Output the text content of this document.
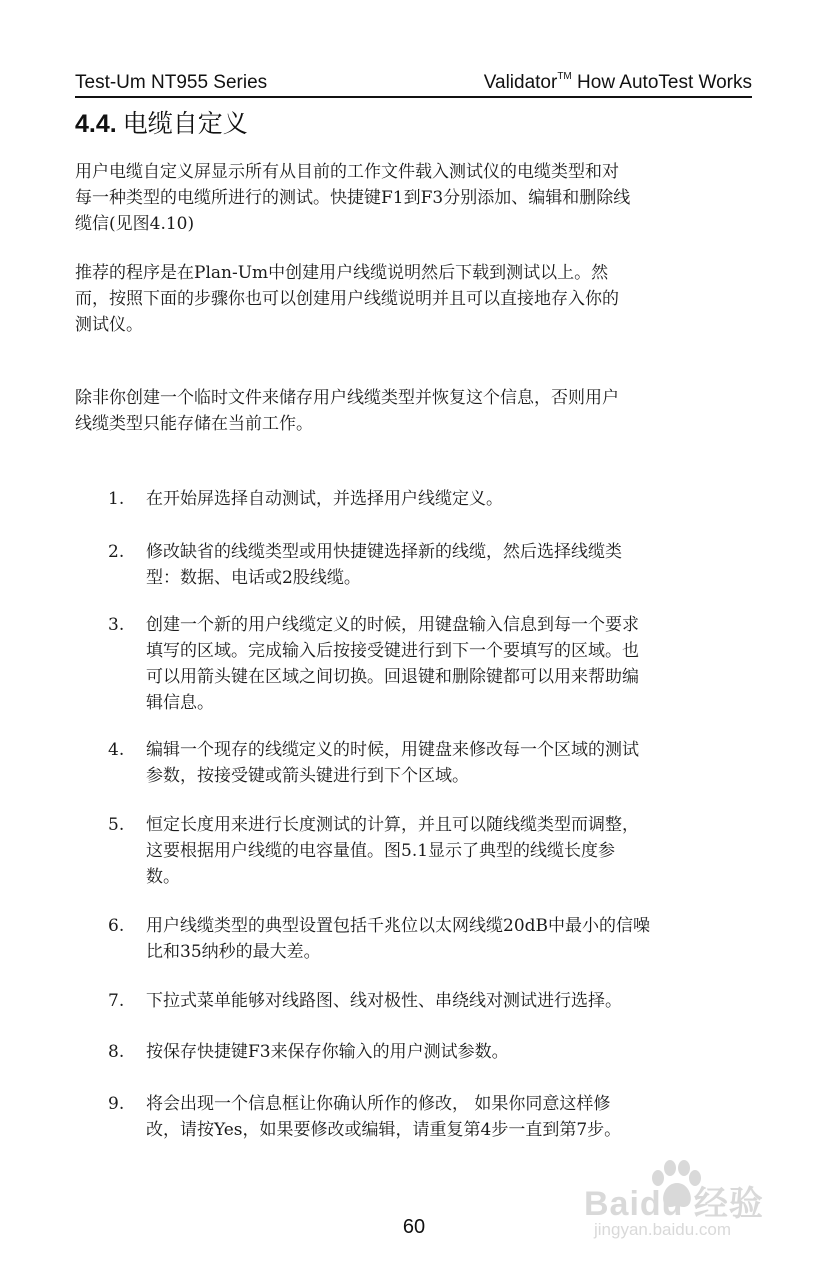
Test-Um NT955 Series	Validator™ How AutoTest Works
4.4. 电缆自定义
用户电缆自定义屏显示所有从目前的工作文件载入测试仪的电缆类型和对
每一种类型的电缆所进行的测试。快捷键F1到F3分别添加、编辑和删除线
缆信(见图4.10)
推荐的程序是在Plan-Um中创建用户线缆说明然后下载到测试以上。然
而，按照下面的步骤你也可以创建用户线缆说明并且可以直接地存入你的
测试仪。
除非你创建一个临时文件来储存用户线缆类型并恢复这个信息，否则用户
线缆类型只能存储在当前工作。
1.	在开始屏选择自动测试，并选择用户线缆定义。
2.	修改缺省的线缆类型或用快捷键选择新的线缆，然后选择线缆类
型：数据、电话或2股线缆。
3.	创建一个新的用户线缆定义的时候，用键盘输入信息到每一个要求
填写的区域。完成输入后按接受键进行到下一个要填写的区域。也
可以用箭头键在区域之间切换。回退键和删除键都可以用来帮助编
辑信息。
4.	编辑一个现存的线缆定义的时候，用键盘来修改每一个区域的测试
参数，按接受键或箭头键进行到下个区域。
5.	恒定长度用来进行长度测试的计算，并且可以随线缆类型而调整，
这要根据用户线缆的电容量值。图5.1显示了典型的线缆长度参
数。
6.	用户线缆类型的典型设置包括千兆位以太网线缆20dB中最小的信噪
比和35纳秒的最大差。
7.	下拉式菜单能够对线路图、线对极性、串绕线对测试进行选择。
8.	按保存快捷键F3来保存你输入的用户测试参数。
9.	将会出现一个信息框让你确认所作的修改， 如果你同意这样修
改，请按Yes，如果要修改或编辑，请重复第4步一直到第7步。
60
Baidu 经验
jingyan.baidu.com
